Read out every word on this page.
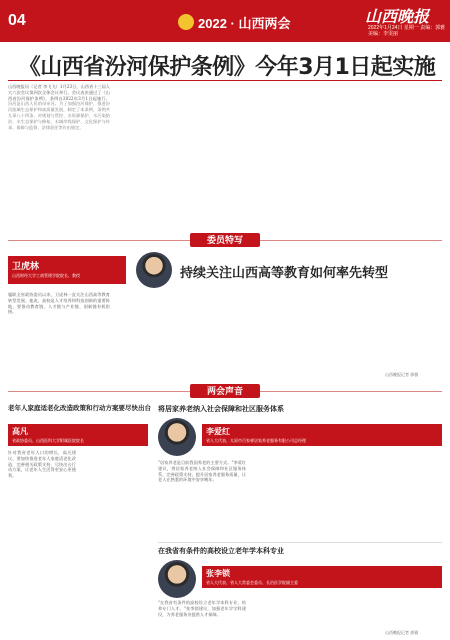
04	2022 · 山西两会	山西晚报
2022年1月24日 星期一 责编：郭雅 美编：李雯丽
《山西省汾河保护条例》今年3月1日起实施
山西晚报讯（记者 李飞飞）1月23日，山西省十三届人大六次会议第四次全体会议举行。会议表决通过了《山西省汾河保护条例》，条例自2022年3月1日起施行。 汾河是山西人民的母亲河。为了加强汾河保护，推进汾河流域生态保护和高质量发展，制定了本条例。条例共九章八十四条，对规划与管控、水资源保护、水污染防治、水生态保护与修复、水域岸线保护、文化保护与传承、保障与监督、法律责任等作出规定。
委员特写
卫虎林
山西财经大学工商管理学院院长、教授	持续关注山西高等教育如何率先转型
履职全省政协委员以来，卫虎林一直关注山西高等教育转型发展。他说，高校是人才培养和科技创新的重要阵地，要推动教育链、人才链与产业链、创新链有机衔接。
山西晚报记者 郭雅
两会声音
老年人家庭适老化改造政策和行动方案要尽快出台
高凡
省政协委员、山西医科大学附属医院院长
针对我省老年人口的增长，高凡建议，要加快推进老年人家庭适老化改造，完善相关政策支持，尽快出台行动方案，让老年人生活得更安心更便利。
将居家养老纳入社会保障和社区服务体系
李爱红
省人大代表、太原市百家邨居家养老服务有限公司总经理
"居家养老是目前我国养老的主要方式。"李爱红建议，将居家养老纳入社会保障和社区服务体系，完善政策支持，提升居家养老服务质量，让老人在熟悉的环境中安享晚年。
在我省有条件的高校设立老年学本科专业
张李锁
省人大代表、省人大常委会委员、长治医学院副主委
"在我省有条件的高校设立老年学本科专业，培养专门人才。"张李锁建议，加强老年学学科建设，为养老服务业提供人才保障。
山西晚报记者 郭雅
